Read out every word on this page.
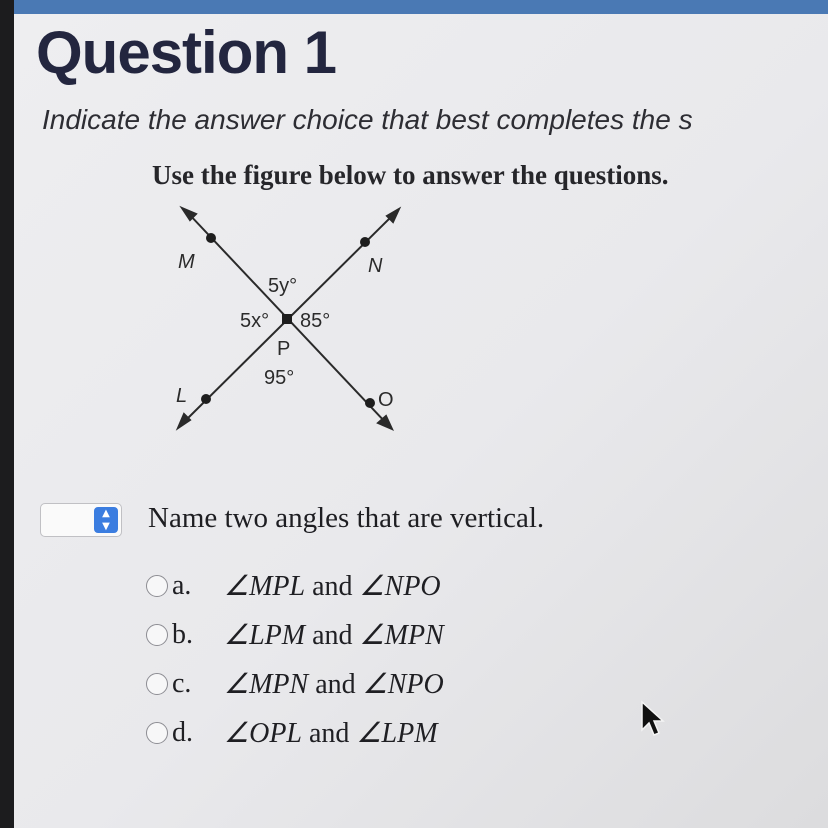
Question 1
Indicate the answer choice that best completes the s
Use the figure below to answer the questions.
M	N
L	O
P
5y°
5x° 85°
95°
▲
▼ Name two angles that are vertical.
a.	∠MPL and ∠NPO
b.	∠LPM and ∠MPN
c.	∠MPN and ∠NPO
d.	∠OPL and ∠LPM
